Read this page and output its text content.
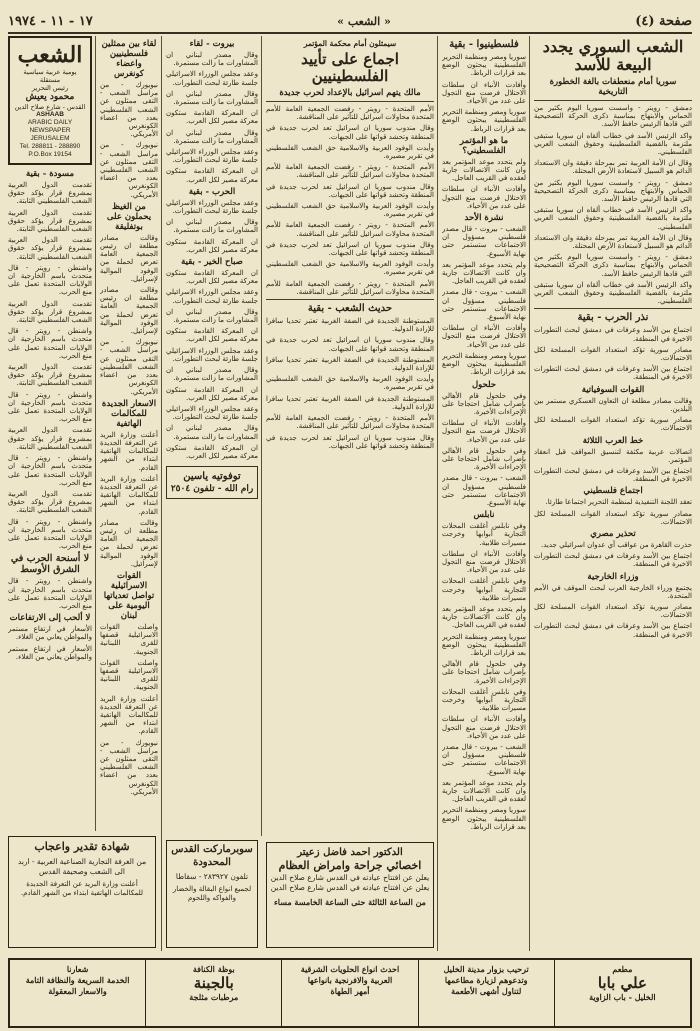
صفحة (٤)
« الشعب »
١٧ - ١١ - ١٩٧٤
الشعب السوري يجدد البيعة للأسد
سوريا أمام منعطفات بالغة الخطورة التاريخية

دمشق - رويتر - واسست سوريا اليوم بكثير من الحماس والابتهاج بمناسبة ذكرى الحركة التصحيحية التي قادها الرئيس حافظ الأسد.

واكد الرئيس الأسد في خطاب ألقاه ان سوريا ستبقى ملتزمة بالقضية الفلسطينية وحقوق الشعب العربي الفلسطيني.

وقال ان الأمة العربية تمر بمرحلة دقيقة وان الاستعداد الدائم هو السبيل لاستعادة الأرض المحتلة.

دمشق - رويتر - واسست سوريا اليوم بكثير من الحماس والابتهاج بمناسبة ذكرى الحركة التصحيحية التي قادها الرئيس حافظ الأسد.

واكد الرئيس الأسد في خطاب ألقاه ان سوريا ستبقى ملتزمة بالقضية الفلسطينية وحقوق الشعب العربي الفلسطيني.

وقال ان الأمة العربية تمر بمرحلة دقيقة وان الاستعداد الدائم هو السبيل لاستعادة الأرض المحتلة.

دمشق - رويتر - واسست سوريا اليوم بكثير من الحماس والابتهاج بمناسبة ذكرى الحركة التصحيحية التي قادها الرئيس حافظ الأسد.

واكد الرئيس الأسد في خطاب ألقاه ان سوريا ستبقى ملتزمة بالقضية الفلسطينية وحقوق الشعب العربي الفلسطيني.

نذر الحرب - بقية

اجتماع بين الأسد وعرفات في دمشق لبحث التطورات الاخيرة في المنطقة.

مصادر سورية تؤكد استعداد القوات المسلحة لكل الاحتمالات.

اجتماع بين الأسد وعرفات في دمشق لبحث التطورات الاخيرة في المنطقة.

القوات السوفياتية

وقالت مصادر مطلعة ان التعاون العسكري مستمر بين البلدين.

مصادر سورية تؤكد استعداد القوات المسلحة لكل الاحتمالات.

خط العرب الثلاثة

اتصالات عربية مكثفة لتنسيق المواقف قبل انعقاد المؤتمر.

اجتماع بين الأسد وعرفات في دمشق لبحث التطورات الاخيرة في المنطقة.

اجتماع فلسطيني

تعقد اللجنة التنفيذية لمنظمة التحرير اجتماعا طارئا.

مصادر سورية تؤكد استعداد القوات المسلحة لكل الاحتمالات.

تحذير مصري

حذرت القاهرة من عواقب أي عدوان اسرائيلي جديد.

اجتماع بين الأسد وعرفات في دمشق لبحث التطورات الاخيرة في المنطقة.

وزراء الخارجية

يجتمع وزراء الخارجية العرب لبحث الموقف في الأمم المتحدة.

مصادر سورية تؤكد استعداد القوات المسلحة لكل الاحتمالات.

اجتماع بين الأسد وعرفات في دمشق لبحث التطورات الاخيرة في المنطقة.

فلسطينيوا - بقية

سوريا ومصر ومنظمة التحرير الفلسطينية يبحثون الوضع بعد قرارات الرباط.

وأفادت الأنباء ان سلطات الاحتلال فرضت منع التجول على عدد من الأحياء.

سوريا ومصر ومنظمة التحرير الفلسطينية يبحثون الوضع بعد قرارات الرباط.

ما هو المؤتمر الفلسطيني؟

ولم يتحدد موعد المؤتمر بعد وان كانت الاتصالات جارية لعقده في القريب العاجل.

وأفادت الأنباء ان سلطات الاحتلال فرضت منع التجول على عدد من الأحياء.

نشرة الأحد

الشعب - بيروت - قال مصدر فلسطيني مسؤول ان الاجتماعات ستستمر حتى نهاية الأسبوع.

ولم يتحدد موعد المؤتمر بعد وان كانت الاتصالات جارية لعقده في القريب العاجل.

الشعب - بيروت - قال مصدر فلسطيني مسؤول ان الاجتماعات ستستمر حتى نهاية الأسبوع.

وأفادت الأنباء ان سلطات الاحتلال فرضت منع التجول على عدد من الأحياء.

سوريا ومصر ومنظمة التحرير الفلسطينية يبحثون الوضع بعد قرارات الرباط.

حلحول

وفي حلحول قام الأهالي بإضراب شامل احتجاجا على الإجراءات الأخيرة.

وأفادت الأنباء ان سلطات الاحتلال فرضت منع التجول على عدد من الأحياء.

وفي حلحول قام الأهالي بإضراب شامل احتجاجا على الإجراءات الأخيرة.

الشعب - بيروت - قال مصدر فلسطيني مسؤول ان الاجتماعات ستستمر حتى نهاية الأسبوع.

نابلس

وفي نابلس أغلقت المحلات التجارية أبوابها وخرجت مسيرات طلابية.

وأفادت الأنباء ان سلطات الاحتلال فرضت منع التجول على عدد من الأحياء.

وفي نابلس أغلقت المحلات التجارية أبوابها وخرجت مسيرات طلابية.

ولم يتحدد موعد المؤتمر بعد وان كانت الاتصالات جارية لعقده في القريب العاجل.

سوريا ومصر ومنظمة التحرير الفلسطينية يبحثون الوضع بعد قرارات الرباط.

وفي حلحول قام الأهالي بإضراب شامل احتجاجا على الإجراءات الأخيرة.

وفي نابلس أغلقت المحلات التجارية أبوابها وخرجت مسيرات طلابية.

وأفادت الأنباء ان سلطات الاحتلال فرضت منع التجول على عدد من الأحياء.

الشعب - بيروت - قال مصدر فلسطيني مسؤول ان الاجتماعات ستستمر حتى نهاية الأسبوع.

ولم يتحدد موعد المؤتمر بعد وان كانت الاتصالات جارية لعقده في القريب العاجل.

سوريا ومصر ومنظمة التحرير الفلسطينية يبحثون الوضع بعد قرارات الرباط.

سيمثلون أمام محكمة المؤتمر
اجماع على تأييد الفلسطينيين
مالك يتهم اسرائيل بالإعداد لحرب جديدة

الأمم المتحدة - رويتر - رفضت الجمعية العامة للأمم المتحدة محاولات اسرائيل للتأثير على المناقشة.

وقال مندوب سوريا ان اسرائيل تعد لحرب جديدة في المنطقة وتحشد قواتها على الجبهات.

وأيدت الوفود العربية والاسلامية حق الشعب الفلسطيني في تقرير مصيره.

الأمم المتحدة - رويتر - رفضت الجمعية العامة للأمم المتحدة محاولات اسرائيل للتأثير على المناقشة.

وقال مندوب سوريا ان اسرائيل تعد لحرب جديدة في المنطقة وتحشد قواتها على الجبهات.

وأيدت الوفود العربية والاسلامية حق الشعب الفلسطيني في تقرير مصيره.

الأمم المتحدة - رويتر - رفضت الجمعية العامة للأمم المتحدة محاولات اسرائيل للتأثير على المناقشة.

وقال مندوب سوريا ان اسرائيل تعد لحرب جديدة في المنطقة وتحشد قواتها على الجبهات.

وأيدت الوفود العربية والاسلامية حق الشعب الفلسطيني في تقرير مصيره.

الأمم المتحدة - رويتر - رفضت الجمعية العامة للأمم المتحدة محاولات اسرائيل للتأثير على المناقشة.

حديث الشعب - بقية

المستوطنة الجديدة في الضفة الغربية تعتبر تحديا سافرا للإرادة الدولية.

وقال مندوب سوريا ان اسرائيل تعد لحرب جديدة في المنطقة وتحشد قواتها على الجبهات.

المستوطنة الجديدة في الضفة الغربية تعتبر تحديا سافرا للإرادة الدولية.

وأيدت الوفود العربية والاسلامية حق الشعب الفلسطيني في تقرير مصيره.

المستوطنة الجديدة في الضفة الغربية تعتبر تحديا سافرا للإرادة الدولية.

الأمم المتحدة - رويتر - رفضت الجمعية العامة للأمم المتحدة محاولات اسرائيل للتأثير على المناقشة.

وقال مندوب سوريا ان اسرائيل تعد لحرب جديدة في المنطقة وتحشد قواتها على الجبهات.

الدكتور احمد فاضل زعيتر
اخصائي جراحة وامراض العظام
يعلن عن افتتاح عيادته في القدس شارع صلاح الدين
يعلن عن افتتاح عيادته في القدس شارع صلاح الدين
من الساعة الثالثة حتى الساعة الخامسة مساء
بيروت - لقاء

وقال مصدر لبناني ان المشاورات ما زالت مستمرة.

وعقد مجلس الوزراء الاسرائيلي جلسة طارئة لبحث التطورات.

وقال مصدر لبناني ان المشاورات ما زالت مستمرة.

ان المعركة القادمة ستكون معركة مصير لكل العرب.

وقال مصدر لبناني ان المشاورات ما زالت مستمرة.

وعقد مجلس الوزراء الاسرائيلي جلسة طارئة لبحث التطورات.

ان المعركة القادمة ستكون معركة مصير لكل العرب.

الحرب - بقية

وعقد مجلس الوزراء الاسرائيلي جلسة طارئة لبحث التطورات.

وقال مصدر لبناني ان المشاورات ما زالت مستمرة.

ان المعركة القادمة ستكون معركة مصير لكل العرب.

صباح الخير - بقية

ان المعركة القادمة ستكون معركة مصير لكل العرب.

وعقد مجلس الوزراء الاسرائيلي جلسة طارئة لبحث التطورات.

وقال مصدر لبناني ان المشاورات ما زالت مستمرة.

ان المعركة القادمة ستكون معركة مصير لكل العرب.

وعقد مجلس الوزراء الاسرائيلي جلسة طارئة لبحث التطورات.

وقال مصدر لبناني ان المشاورات ما زالت مستمرة.

ان المعركة القادمة ستكون معركة مصير لكل العرب.

وعقد مجلس الوزراء الاسرائيلي جلسة طارئة لبحث التطورات.

وقال مصدر لبناني ان المشاورات ما زالت مستمرة.

ان المعركة القادمة ستكون معركة مصير لكل العرب.

توفوتيه ياسين
رام الله - تلفون ٢٥٠٤
سوبرماركت القدس المحدودة
تلفون ٢٨٣٩٢٧ - سقاطا
لجميع انواع البقالة والخضار والفواكه واللحوم
لقاء بين ممثلين فلسطينيين واعضاء كونغرس

نيويورك - من مراسل الشعب - التقى ممثلون عن الشعب الفلسطيني بعدد من اعضاء الكونغرس الأمريكي.

نيويورك - من مراسل الشعب - التقى ممثلون عن الشعب الفلسطيني بعدد من اعضاء الكونغرس الأمريكي.

من الغيظ يحملون على بوتفليقة

وقالت مصادر مطلعة ان رئيس الجمعية العامة تعرض لحملة من الوفود الموالية لإسرائيل.

وقالت مصادر مطلعة ان رئيس الجمعية العامة تعرض لحملة من الوفود الموالية لإسرائيل.

نيويورك - من مراسل الشعب - التقى ممثلون عن الشعب الفلسطيني بعدد من اعضاء الكونغرس الأمريكي.

الاسعار الجديدة للمكالمات الهاتفية

أعلنت وزارة البريد عن التعرفة الجديدة للمكالمات الهاتفية ابتداء من الشهر القادم.

أعلنت وزارة البريد عن التعرفة الجديدة للمكالمات الهاتفية ابتداء من الشهر القادم.

وقالت مصادر مطلعة ان رئيس الجمعية العامة تعرض لحملة من الوفود الموالية لإسرائيل.

القوات الاسرائيلية تواصل تعدياتها اليومية على لبنان

واصلت القوات الاسرائيلية قصفها للقرى اللبنانية الجنوبية.

واصلت القوات الاسرائيلية قصفها للقرى اللبنانية الجنوبية.

أعلنت وزارة البريد عن التعرفة الجديدة للمكالمات الهاتفية ابتداء من الشهر القادم.

نيويورك - من مراسل الشعب - التقى ممثلون عن الشعب الفلسطيني بعدد من اعضاء الكونغرس الأمريكي.

الشعب
يومية عربية سياسية مستقلة
رئيس التحرير
محمود يعيش
القدس - شارع صلاح الدين
ASHAAB
ARABIC DAILY NEWSPAPER
JERUSALEM
Tel. 288811 - 288890
P.O.Box 19154
مسودة - بقية

تقدمت الدول العربية بمشروع قرار يؤكد حقوق الشعب الفلسطيني الثابتة.

تقدمت الدول العربية بمشروع قرار يؤكد حقوق الشعب الفلسطيني الثابتة.

تقدمت الدول العربية بمشروع قرار يؤكد حقوق الشعب الفلسطيني الثابتة.

واشنطن - رويتر - قال متحدث باسم الخارجية ان الولايات المتحدة تعمل على منع الحرب.

تقدمت الدول العربية بمشروع قرار يؤكد حقوق الشعب الفلسطيني الثابتة.

واشنطن - رويتر - قال متحدث باسم الخارجية ان الولايات المتحدة تعمل على منع الحرب.

تقدمت الدول العربية بمشروع قرار يؤكد حقوق الشعب الفلسطيني الثابتة.

واشنطن - رويتر - قال متحدث باسم الخارجية ان الولايات المتحدة تعمل على منع الحرب.

تقدمت الدول العربية بمشروع قرار يؤكد حقوق الشعب الفلسطيني الثابتة.

واشنطن - رويتر - قال متحدث باسم الخارجية ان الولايات المتحدة تعمل على منع الحرب.

تقدمت الدول العربية بمشروع قرار يؤكد حقوق الشعب الفلسطيني الثابتة.

واشنطن - رويتر - قال متحدث باسم الخارجية ان الولايات المتحدة تعمل على منع الحرب.

لا أسنحة الحرب في الشرق الأوسط

واشنطن - رويتر - قال متحدث باسم الخارجية ان الولايات المتحدة تعمل على منع الحرب.

لا ألحب إلى الارتفاعات

الأسعار في ارتفاع مستمر والمواطن يعاني من الغلاء.

الأسعار في ارتفاع مستمر والمواطن يعاني من الغلاء.

شهادة تقدير واعجاب
من الغرفة التجارية الصناعية العربية - اربد الى الشعب وصحيفة القدس
أعلنت وزارة البريد عن التعرفة الجديدة للمكالمات الهاتفية ابتداء من الشهر القادم.
مطعم
علي بابا
الخليل - باب الزاوية
ترحيب بزوار مدينة الخليل
وتدعوهم لزيارة مطاعمها
لتناول أشهى الأطعمة
احدث انواع الحلويات الشرقية
العربية والافرنجية بانواعها
أمهر الطهاة
بوظة الكنافة
بالجبنة
مرطبات مثلجة
شعارنا
الخدمة السريعة والنظافة التامة
والاسعار المعقولة
